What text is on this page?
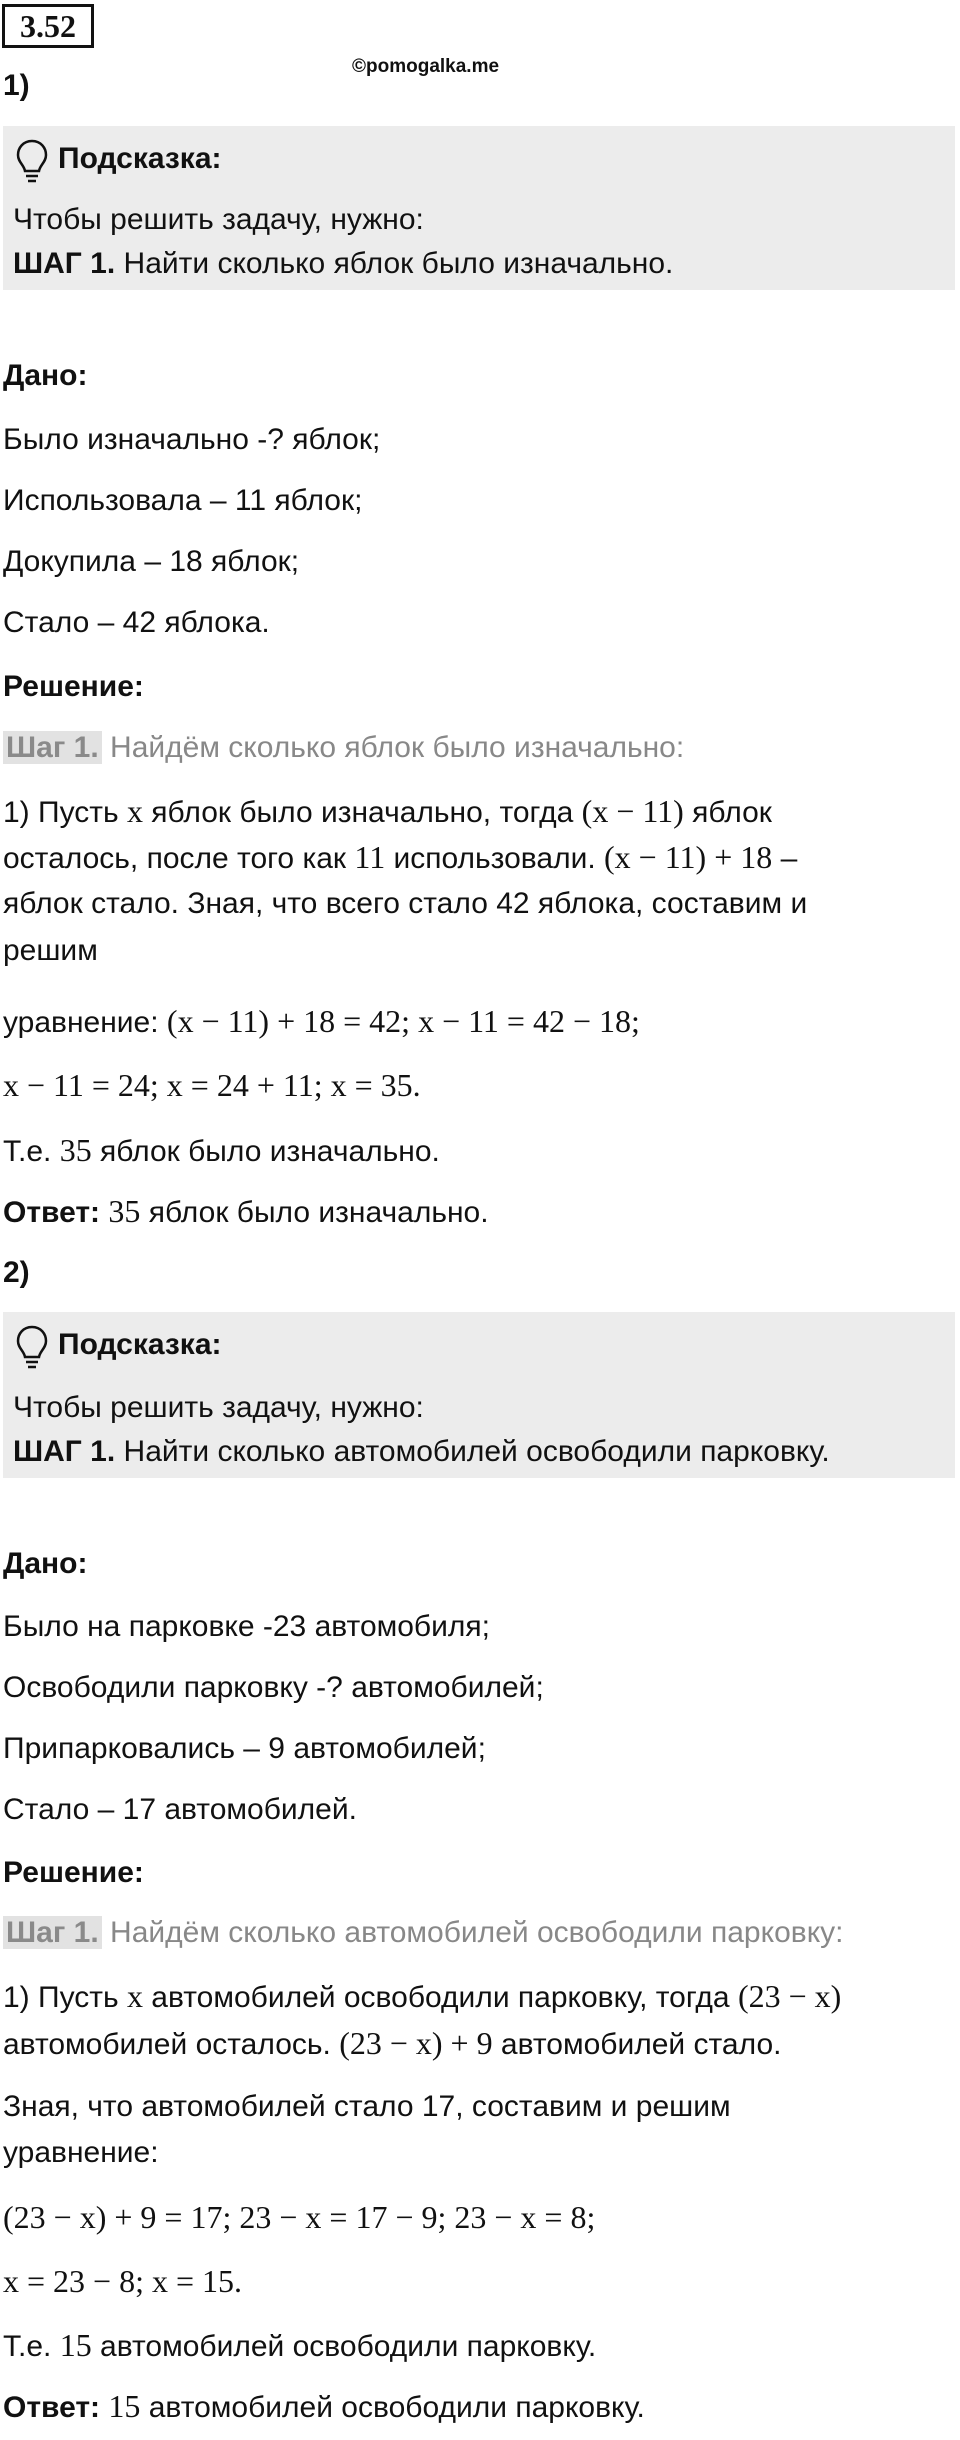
3.52
©pomogalka.me
1)
Подсказка:
Чтобы решить задачу, нужно:
ШАГ 1. Найти сколько яблок было изначально.
Дано:
Было изначально -? яблок;
Использовала – 11 яблок;
Докупила – 18 яблок;
Стало – 42 яблока.
Решение:
Шаг 1. Найдём сколько яблок было изначально:
1) Пусть x яблок было изначально, тогда (x − 11) яблок
осталось, после того как 11 использовали. (x − 11) + 18 –
яблок стало. Зная, что всего стало 42 яблока, составим и
решим
уравнение: (x − 11) + 18 = 42; x − 11 = 42 − 18;
x − 11 = 24; x = 24 + 11; x = 35.
Т.е. 35 яблок было изначально.
Ответ: 35 яблок было изначально.
2)
Подсказка:
Чтобы решить задачу, нужно:
ШАГ 1. Найти сколько автомобилей освободили парковку.
Дано:
Было на парковке -23 автомобиля;
Освободили парковку -? автомобилей;
Припарковались – 9 автомобилей;
Стало – 17 автомобилей.
Решение:
Шаг 1. Найдём сколько автомобилей освободили парковку:
1) Пусть x автомобилей освободили парковку, тогда (23 − x)
автомобилей осталось. (23 − x) + 9 автомобилей стало.
Зная, что автомобилей стало 17, составим и решим
уравнение:
(23 − x) + 9 = 17; 23 − x = 17 − 9; 23 − x = 8;
x = 23 − 8; x = 15.
Т.е. 15 автомобилей освободили парковку.
Ответ: 15 автомобилей освободили парковку.
